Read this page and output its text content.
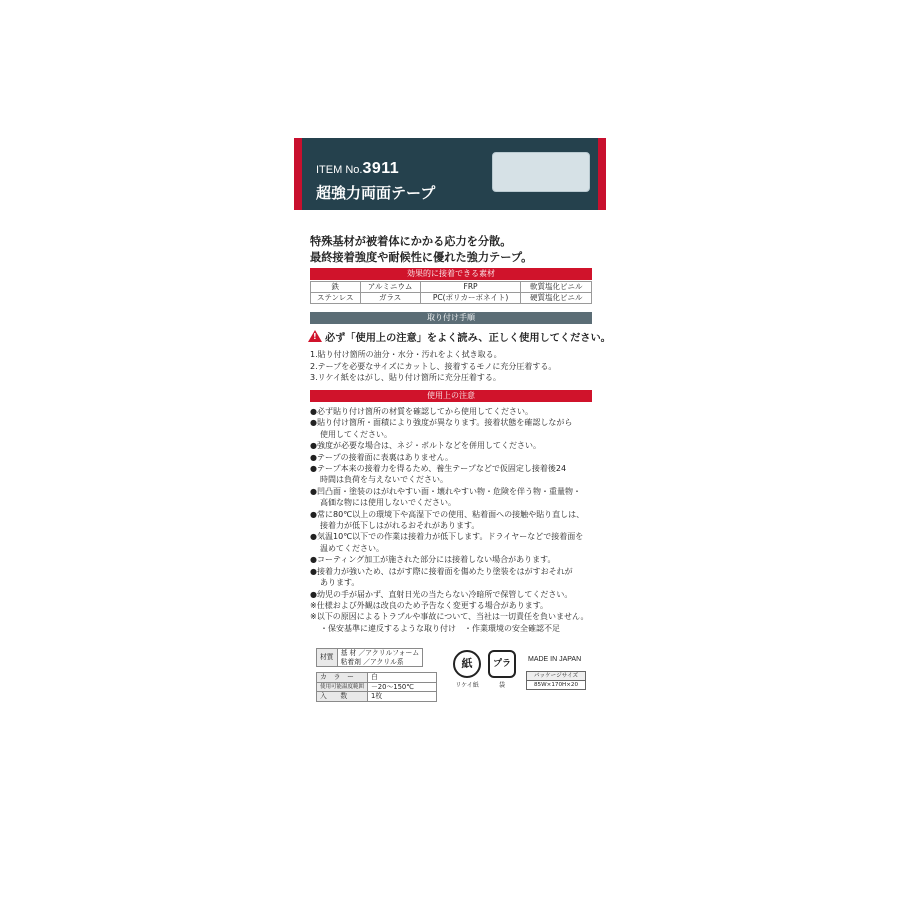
ITEM No.3911
超強力両面テープ
特殊基材が被着体にかかる応力を分散。
最終接着強度や耐候性に優れた強力テープ。
効果的に接着できる素材
鉄	アルミニウム	FRP	軟質塩化ビニル
ステンレス	ガラス	PC(ポリカーボネイト)	硬質塩化ビニル
取り付け手順
! 必ず「使用上の注意」をよく読み、正しく使用してください。
1.貼り付け箇所の油分・水分・汚れをよく拭き取る。
2.テープを必要なサイズにカットし、接着するモノに充分圧着する。
3.リケイ紙をはがし、貼り付け箇所に充分圧着する。
使用上の注意
●必ず貼り付け箇所の材質を確認してから使用してください。
●貼り付け箇所・面積により強度が異なります。接着状態を確認しながら
使用してください。
●強度が必要な場合は、ネジ・ボルトなどを併用してください。
●テープの接着面に表裏はありません。
●テープ本来の接着力を得るため、養生テープなどで仮固定し接着後24
時間は負荷を与えないでください。
●凹凸面・塗装のはがれやすい面・壊れやすい物・危険を伴う物・重量物・
高価な物には使用しないでください。
●常に80℃以上の環境下や高湿下での使用、粘着面への接触や貼り直しは、
接着力が低下しはがれるおそれがあります。
●気温10℃以下での作業は接着力が低下します。ドライヤーなどで接着面を
温めてください。
●コーティング加工が施された部分には接着しない場合があります。
●接着力が強いため、はがす際に接着面を傷めたり塗装をはがすおそれが
あります。
●幼児の手が届かず、直射日光の当たらない冷暗所で保管してください。
※仕様および外観は改良のため予告なく変更する場合があります。
※以下の原因によるトラブルや事故について、当社は一切責任を負いません。
・保安基準に違反するような取り付け　・作業環境の安全確認不足
材質	
基 材 ／アクリルフォーム
粘着剤 ／アクリル系
カ　ラ　ー	白
使用可能温度範囲	－20～150℃
入　　数	1枚
紙
リケイ紙
プラ
袋
MADE IN JAPAN
パッケージサイズ
85W×170H×20
